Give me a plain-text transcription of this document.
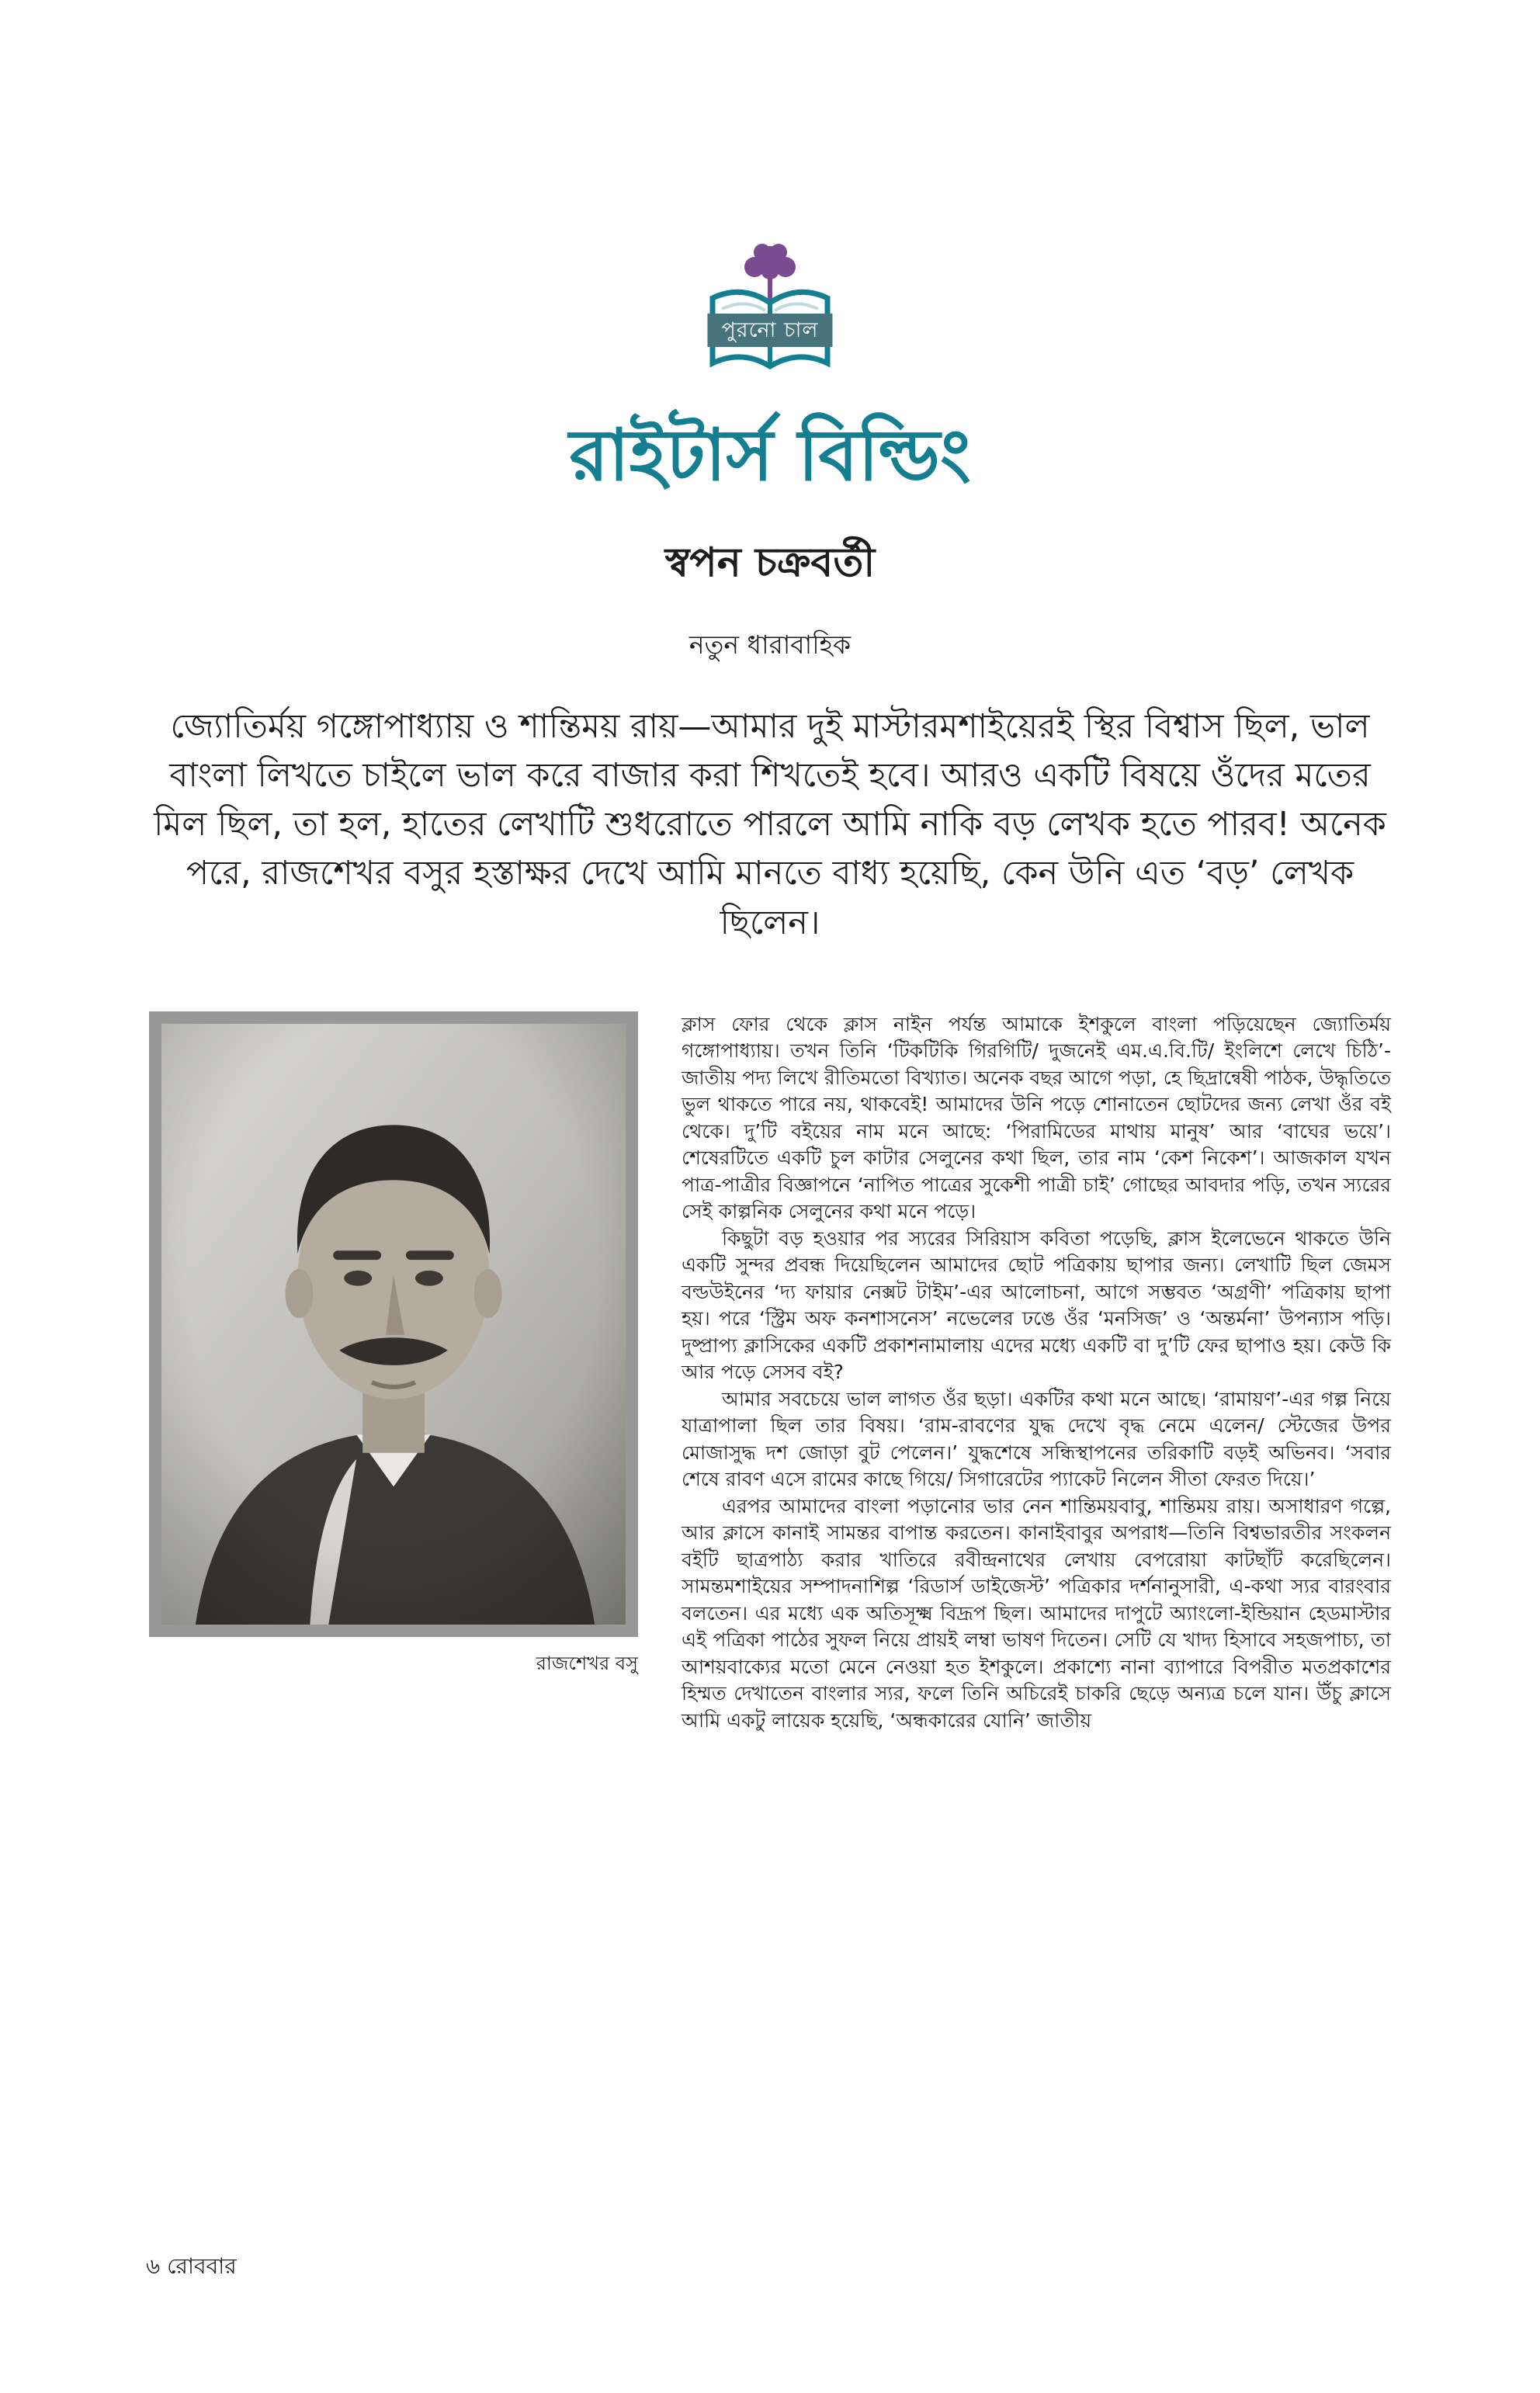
পুরনো চাল
রাইটার্স বিল্ডিং
স্বপন চক্রবর্তী
নতুন ধারাবাহিক
জ্যোতির্ময় গঙ্গোপাধ্যায় ও শান্তিময় রায়—আমার দুই মাস্টারমশাইয়েরই স্থির বিশ্বাস ছিল, ভাল বাংলা লিখতে চাইলে ভাল করে বাজার করা শিখতেই হবে। আরও একটি বিষয়ে ওঁদের মতের মিল ছিল, তা হল, হাতের লেখাটি শুধরোতে পারলে আমি নাকি বড় লেখক হতে পারব! অনেক পরে, রাজশেখর বসুর হস্তাক্ষর দেখে আমি মানতে বাধ্য হয়েছি, কেন উনি এত ‘বড়’ লেখক ছিলেন।
রাজশেখর বসু

ক্লাস ফোর থেকে ক্লাস নাইন পর্যন্ত আমাকে ইশকুলে বাংলা পড়িয়েছেন জ্যোতির্ময় গঙ্গোপাধ্যায়। তখন তিনি ‘টিকটিকি গিরগিটি/ দুজনেই এম.এ.বি.টি/ ইংলিশে লেখে চিঠি’-জাতীয় পদ্য লিখে রীতিমতো বিখ্যাত। অনেক বছর আগে পড়া, হে ছিদ্রান্বেষী পাঠক, উদ্ধৃতিতে ভুল থাকতে পারে নয়, থাকবেই! আমাদের উনি পড়ে শোনাতেন ছোটদের জন্য লেখা ওঁর বই থেকে। দু’টি বইয়ের নাম মনে আছে: ‘পিরামিডের মাথায় মানুষ’ আর ‘বাঘের ভয়ে’। শেষেরটিতে একটি চুল কাটার সেলুনের কথা ছিল, তার নাম ‘কেশ নিকেশ’। আজকাল যখন পাত্র-পাত্রীর বিজ্ঞাপনে ‘নাপিত পাত্রের সুকেশী পাত্রী চাই’ গোছের আবদার পড়ি, তখন স্যরের সেই কাল্পনিক সেলুনের কথা মনে পড়ে।

কিছুটা বড় হওয়ার পর স্যরের সিরিয়াস কবিতা পড়েছি, ক্লাস ইলেভেনে থাকতে উনি একটি সুন্দর প্রবন্ধ দিয়েছিলেন আমাদের ছোট পত্রিকায় ছাপার জন্য। লেখাটি ছিল জেমস বল্ডউইনের ‘দ্য ফায়ার নেক্সট টাইম’-এর আলোচনা, আগে সম্ভবত ‘অগ্রণী’ পত্রিকায় ছাপা হয়। পরে ‘স্ট্রিম অফ কনশাসনেস’ নভেলের ঢঙে ওঁর ‘মনসিজ’ ও ‘অন্তর্মনা’ উপন্যাস পড়ি। দুষ্প্রাপ্য ক্লাসিকের একটি প্রকাশনামালায় এদের মধ্যে একটি বা দু’টি ফের ছাপাও হয়। কেউ কি আর পড়ে সেসব বই?

আমার সবচেয়ে ভাল লাগত ওঁর ছড়া। একটির কথা মনে আছে। ‘রামায়ণ’-এর গল্প নিয়ে যাত্রাপালা ছিল তার বিষয়। ‘রাম-রাবণের যুদ্ধ দেখে বৃদ্ধ নেমে এলেন/ স্টেজের উপর মোজাসুদ্ধ দশ জোড়া বুট পেলেন।’ যুদ্ধশেষে সন্ধিস্থাপনের তরিকাটি বড়ই অভিনব। ‘সবার শেষে রাবণ এসে রামের কাছে গিয়ে/ সিগারেটের প্যাকেট নিলেন সীতা ফেরত দিয়ে।’

এরপর আমাদের বাংলা পড়ানোর ভার নেন শান্তিময়বাবু, শান্তিময় রায়। অসাধারণ গল্পে, আর ক্লাসে কানাই সামন্তর বাপান্ত করতেন। কানাইবাবুর অপরাধ—তিনি বিশ্বভারতীর সংকলন বইটি ছাত্রপাঠ্য করার খাতিরে রবীন্দ্রনাথের লেখায় বেপরোয়া কাটছাঁট করেছিলেন। সামন্তমশাইয়ের সম্পাদনাশিল্প ‘রিডার্স ডাইজেস্ট’ পত্রিকার দর্শনানুসারী, এ-কথা স্যর বারংবার বলতেন। এর মধ্যে এক অতিসূক্ষ্ম বিদ্রূপ ছিল। আমাদের দাপুটে অ্যাংলো-ইন্ডিয়ান হেডমাস্টার এই পত্রিকা পাঠের সুফল নিয়ে প্রায়ই লম্বা ভাষণ দিতেন। সেটি যে খাদ্য হিসাবে সহজপাচ্য, তা আশয়বাক্যের মতো মেনে নেওয়া হত ইশকুলে। প্রকাশ্যে নানা ব্যাপারে বিপরীত মতপ্রকাশের হিম্মত দেখাতেন বাংলার স্যর, ফলে তিনি অচিরেই চাকরি ছেড়ে অন্যত্র চলে যান। উঁচু ক্লাসে আমি একটু লায়েক হয়েছি, ‘অন্ধকারের যোনি’ জাতীয়

৬ রোববার
